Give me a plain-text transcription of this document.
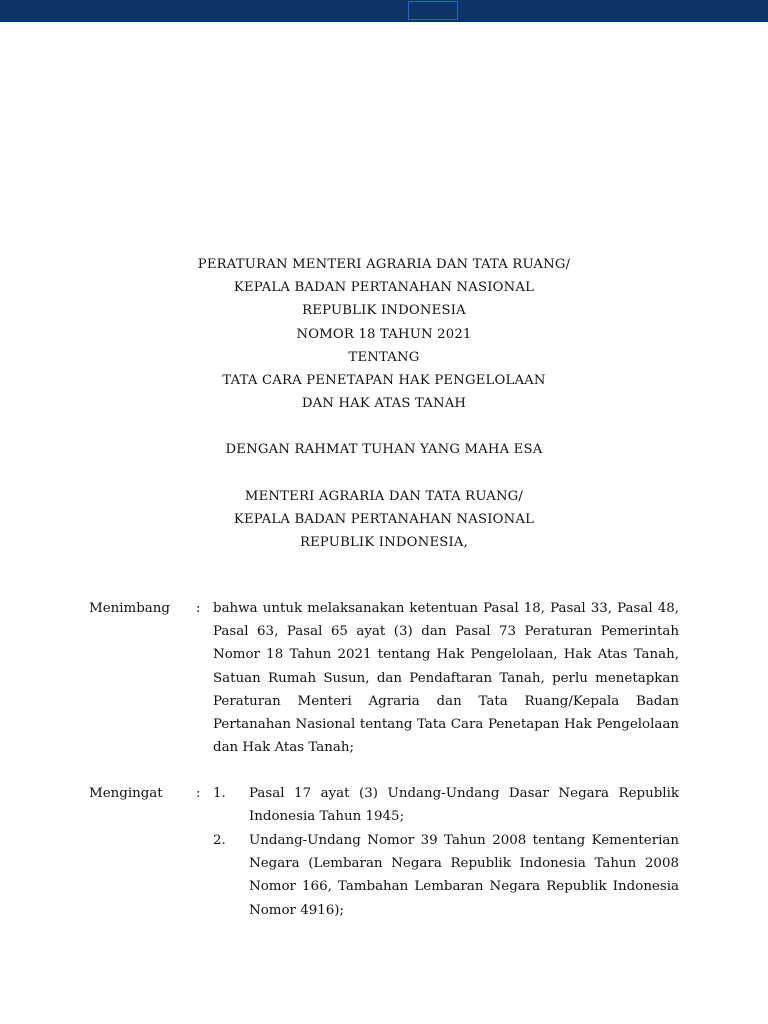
PERATURAN MENTERI AGRARIA DAN TATA RUANG/
KEPALA BADAN PERTANAHAN NASIONAL
REPUBLIK INDONESIA
NOMOR 18 TAHUN 2021
TENTANG
TATA CARA PENETAPAN HAK PENGELOLAAN
DAN HAK ATAS TANAH
DENGAN RAHMAT TUHAN YANG MAHA ESA
MENTERI AGRARIA DAN TATA RUANG/
KEPALA BADAN PERTANAHAN NASIONAL
REPUBLIK INDONESIA,
Menimbang : bahwa untuk melaksanakan ketentuan Pasal 18, Pasal 33, Pasal 48, Pasal 63, Pasal 65 ayat (3) dan Pasal 73 Peraturan Pemerintah Nomor 18 Tahun 2021 tentang Hak Pengelolaan, Hak Atas Tanah, Satuan Rumah Susun, dan Pendaftaran Tanah, perlu menetapkan Peraturan Menteri Agraria dan Tata Ruang/Kepala Badan Pertanahan Nasional tentang Tata Cara Penetapan Hak Pengelolaan dan Hak Atas Tanah;
Mengingat : 1. Pasal 17 ayat (3) Undang-Undang Dasar Negara Republik Indonesia Tahun 1945;
2. Undang-Undang Nomor 39 Tahun 2008 tentang Kementerian Negara (Lembaran Negara Republik Indonesia Tahun 2008 Nomor 166, Tambahan Lembaran Negara Republik Indonesia Nomor 4916);
